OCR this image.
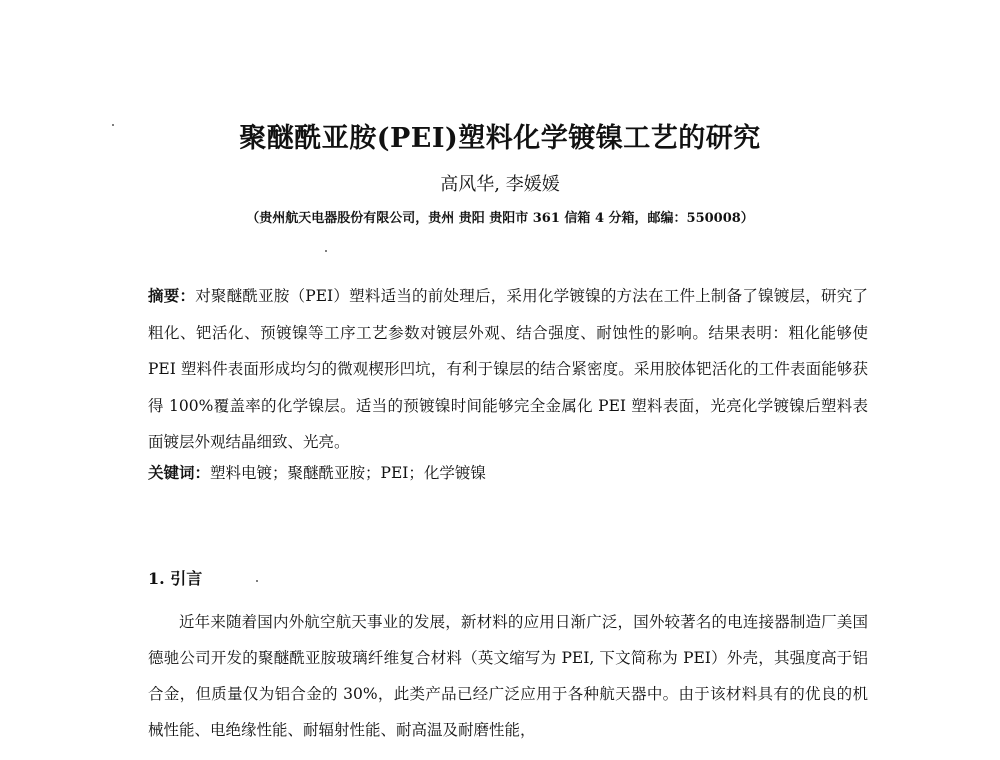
聚醚酰亚胺(PEI)塑料化学镀镍工艺的研究
高风华, 李媛媛
（贵州航天电器股份有限公司，贵州 贵阳 贵阳市 361 信箱 4 分箱，邮编：550008）
摘要：对聚醚酰亚胺（PEI）塑料适当的前处理后，采用化学镀镍的方法在工件上制备了镍镀层，研究了粗化、钯活化、预镀镍等工序工艺参数对镀层外观、结合强度、耐蚀性的影响。结果表明：粗化能够使 PEI 塑料件表面形成均匀的微观楔形凹坑，有利于镍层的结合紧密度。采用胶体钯活化的工件表面能够获得 100%覆盖率的化学镍层。适当的预镀镍时间能够完全金属化 PEI 塑料表面，光亮化学镀镍后塑料表面镀层外观结晶细致、光亮。
关键词：塑料电镀；聚醚酰亚胺；PEI；化学镀镍
1. 引言
近年来随着国内外航空航天事业的发展，新材料的应用日渐广泛，国外较著名的电连接器制造厂美国德驰公司开发的聚醚酰亚胺玻璃纤维复合材料（英文缩写为 PEI, 下文简称为 PEI）外壳，其强度高于铝合金，但质量仅为铝合金的 30%，此类产品已经广泛应用于各种航天器中。由于该材料具有的优良的机械性能、电绝缘性能、耐辐射性能、耐高温及耐磨性能，
